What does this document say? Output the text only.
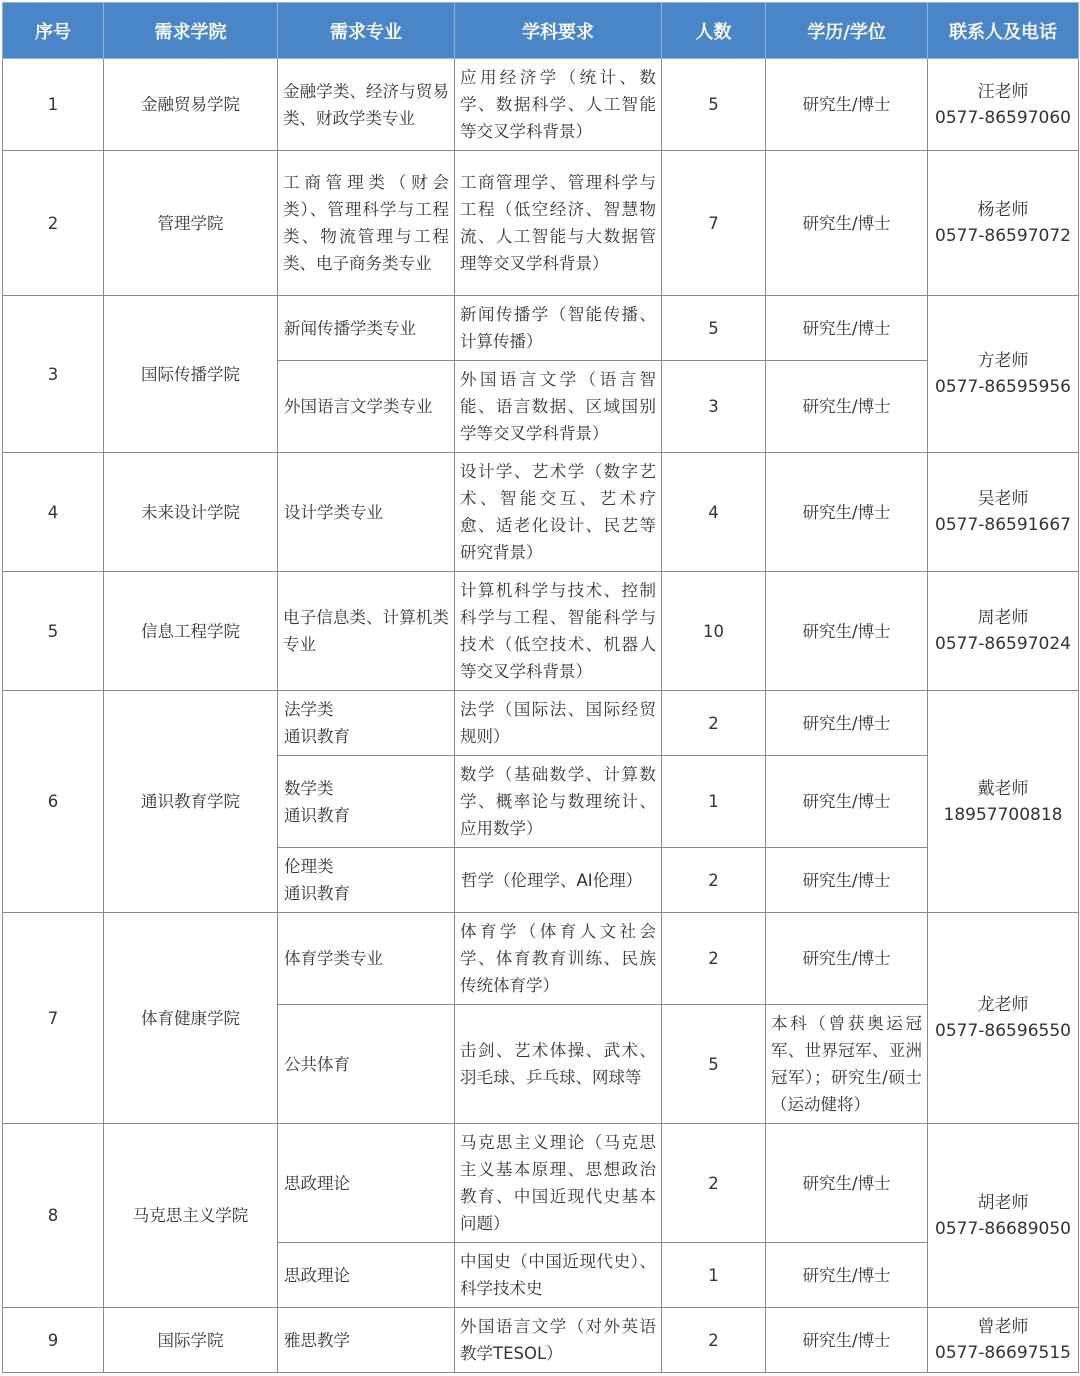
序号	需求学院	需求专业	学科要求	人数	学历/学位	联系人及电话
1	金融贸易学院	金融学类、经济与贸易类、财政学类专业	应用经济学（统计、数学、数据科学、人工智能等交叉学科背景）	5	研究生/博士	汪老师
0577-86597060

2	管理学院	工商管理类（财会类）、管理科学与工程类、物流管理与工程类、电子商务类专业	工商管理学、管理科学与工程（低空经济、智慧物流、人工智能与大数据管理等交叉学科背景）	7	研究生/博士	杨老师
0577-86597072

3	国际传播学院	新闻传播学类专业	新闻传播学（智能传播、计算传播）	5	研究生/博士	方老师
0577-86595956

		外国语言文学类专业	外国语言文学（语言智能、语言数据、区域国别学等交叉学科背景）	3	研究生/博士	
4	未来设计学院	设计学类专业	设计学、艺术学（数字艺术、智能交互、艺术疗愈、适老化设计、民艺等研究背景）	4	研究生/博士	吴老师
0577-86591667

5	信息工程学院	电子信息类、计算机类专业	计算机科学与技术、控制科学与工程、智能科学与技术（低空技术、机器人等交叉学科背景）	10	研究生/博士	周老师
0577-86597024

6	通识教育学院	法学类
通识教育	法学（国际法、国际经贸规则）	2	研究生/博士	戴老师
18957700818

		数学类
通识教育	数学（基础数学、计算数学、概率论与数理统计、应用数学）	1	研究生/博士	

		伦理类
通识教育	哲学（伦理学、AI伦理）	2	研究生/博士	
7	体育健康学院	体育学类专业	体育学（体育人文社会学、体育教育训练、民族传统体育学）	2	研究生/博士	龙老师
0577-86596550

		公共体育	击剑、艺术体操、武术、羽毛球、乒乓球、网球等	5	本科（曾获奥运冠军、世界冠军、亚洲冠军）；研究生/硕士（运动健将）	
8	马克思主义学院	思政理论	马克思主义理论（马克思主义基本原理、思想政治教育、中国近现代史基本问题）	2	研究生/博士	胡老师
0577-86689050

		思政理论	中国史（中国近现代史）、科学技术史	1	研究生/博士	
9	国际学院	雅思教学	外国语言文学（对外英语教学TESOL）	2	研究生/博士	曾老师
0577-86697515
